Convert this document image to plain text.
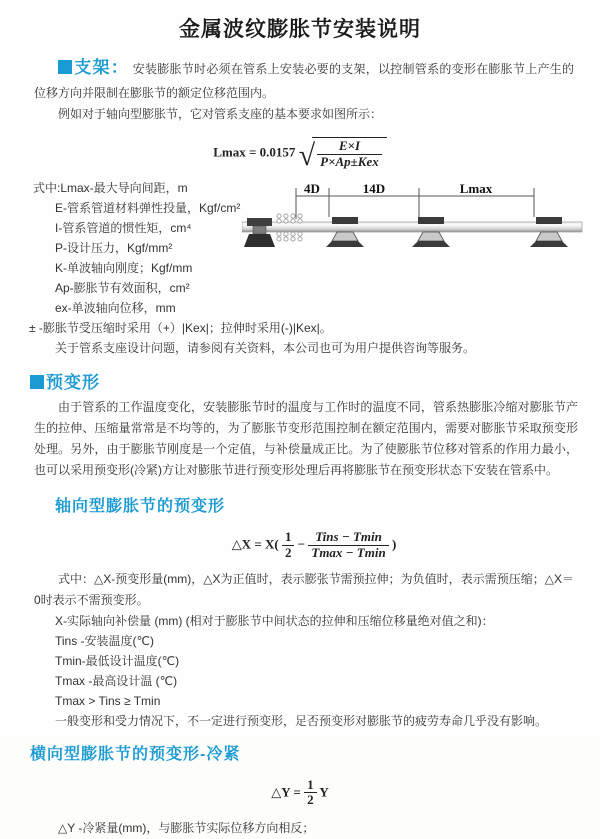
金属波纹膨胀节安装说明

支架： 安装膨胀节时必须在管系上安装必要的支架，以控制管系的变形在膨胀节上产生的位移方向并限制在膨胀节的额定位移范围内。

例如对于轴向型膨胀节，它对管系支座的基本要求如图所示：

Lmax = 0.0157 √ $\frac{E\times I}{\text{P×Ap±Kex}}$
式中:Lmax-最大导向间距，m
E-管系管道材料弹性投量，Kgf/cm²
I-管系管道的惯性矩，cm⁴
P-设计压力，Kgf/mm²
K-单波轴向刚度；Kgf/mm
Ap-膨胀节有效面积，cm²
ex-单波轴向位移，mm
4D	14D	Lmax
± -膨胀节受压缩时采用（+）|Kex|；拉伸时采用(-)|Kex|。
关于管系支座设计问题，请参阅有关资料，本公司也可为用户提供咨询等服务。
预变形

由于管系的工作温度变化，安装膨胀节时的温度与工作时的温度不同，管系热膨胀冷缩对膨胀节产生的拉伸、压缩量常常是不均等的，为了膨胀节变形范围控制在额定范围内，需要对膨胀节采取预变形处理。另外，由于膨胀节刚度是一个定值，与补偿量成正比。为了使膨胀节位移对管系的作用力最小，也可以采用预变形(冷紧)方让对膨胀节进行预变形处理后再将膨胀节在预变形状态下安装在管系中。

轴向型膨胀节的预变形
△X = $X( \frac{1}{2} - \frac{\text{Tins − Tmin}}{Tmax - Tmin}$ )

式中：△X-预变形量(mm)，△X为正值时，表示膨张节需预拉伸；为负值时，表示需预压缩；△X＝0时表示不需预变形。

X-实际轴向补偿量 (mm) (相对于膨胀节中间状态的拉伸和压缩位移量绝对值之和)：
Tins -安装温度(℃)
Tmin-最低设计温度(℃)
Tmax -最高设计温 (℃)
Tmax > Tins ≥ Tmin
一般变形和受力情况下，不一定进行预变形，足否预变形对膨胀节的疲劳寿命几乎没有影响。
横向型膨胀节的预变形-冷紧
△Y = $\frac{1}{2}$ Y

△Y -冷紧量(mm)，与膨胀节实际位移方向相反；
